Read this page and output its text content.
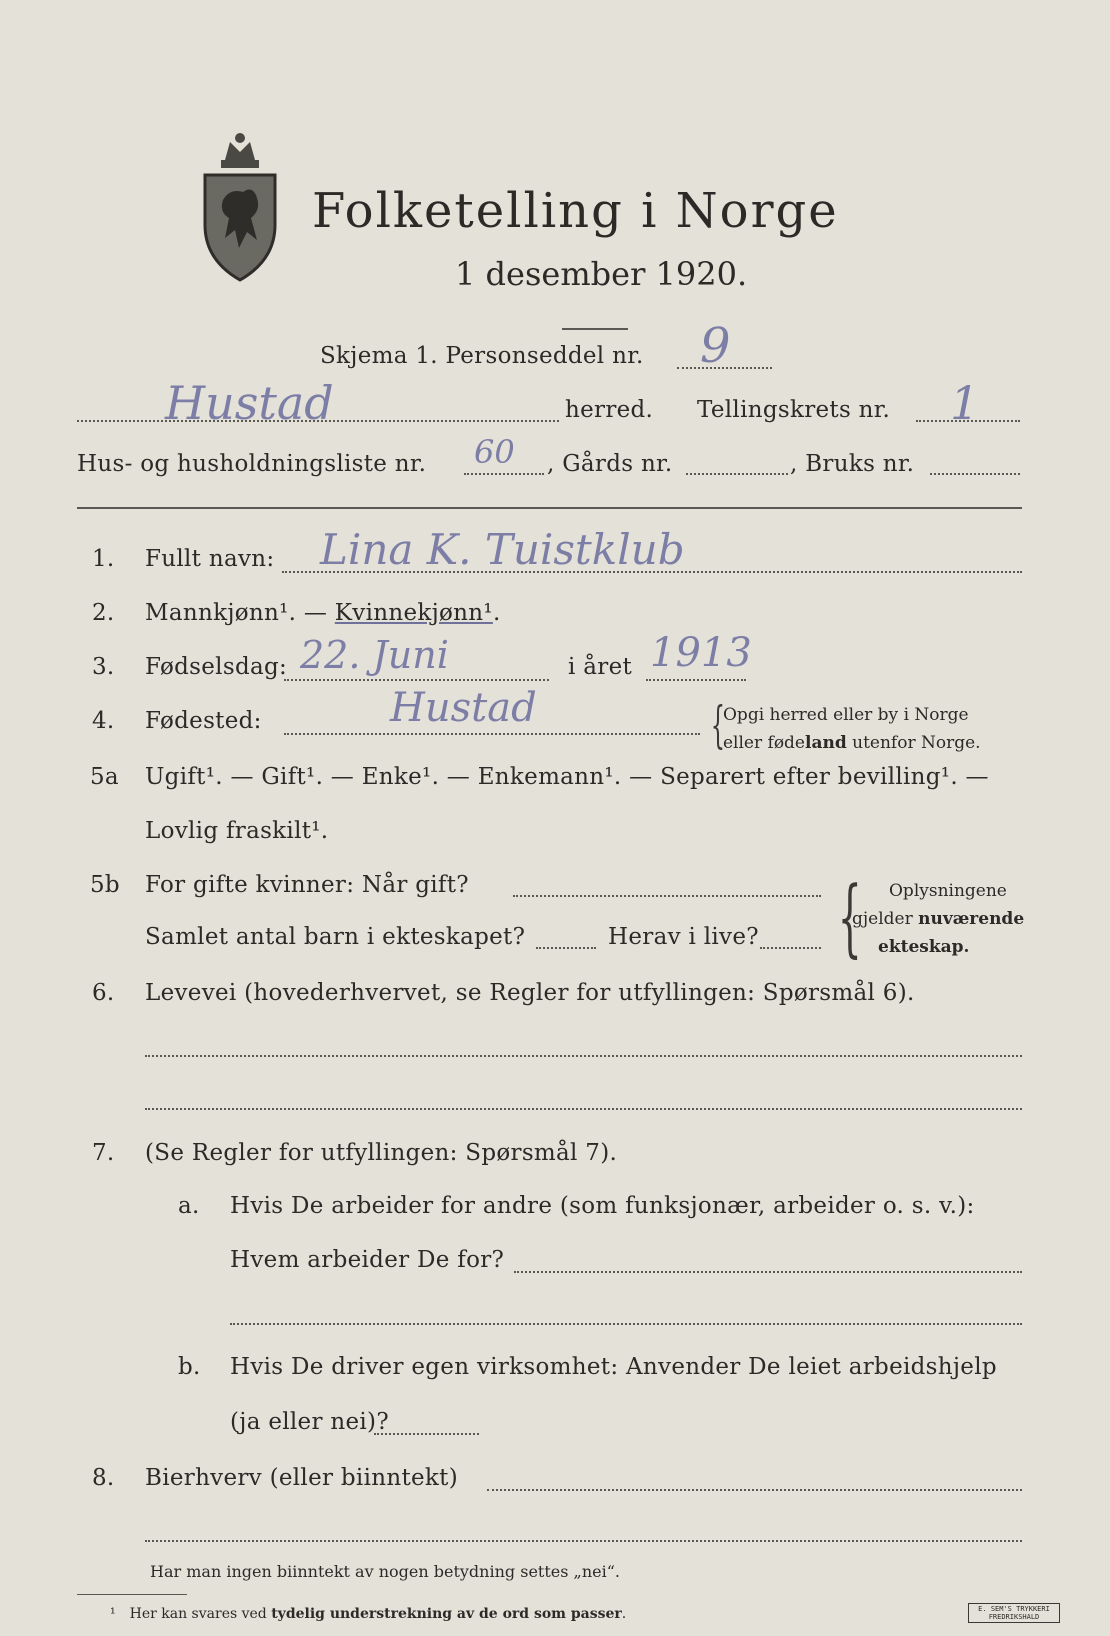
Folketelling i Norge
1 desember 1920.
Skjema 1. Personseddel nr. 9
Hustad	herred. Tellingskrets nr. 1
Hus- og husholdningsliste nr. 60 , Gårds nr.	, Bruks nr.
1. Fullt navn: Lina K. Tuistklub
2. Mannkjønn¹. — Kvinnekjønn¹.
3. Fødselsdag: 22. Juni	i året 1913
4. Fødested:	Hustad	{
Opgi herred eller by i Norge
eller fødeland utenfor Norge.
5a Ugift¹. — Gift¹. — Enke¹. — Enkemann¹. — Separert efter bevilling¹. —
Lovlig fraskilt¹.
5b For gifte kvinner: Når gift?
Samlet antal barn i ekteskapet?	Herav i live? { Oplysningene
gjelder nuværende
ekteskap.
6. Levevei (hovederhvervet, se Regler for utfyllingen: Spørsmål 6).
7. (Se Regler for utfyllingen: Spørsmål 7).
a. Hvis De arbeider for andre (som funksjonær, arbeider o. s. v.):
Hvem arbeider De for?
b. Hvis De driver egen virksomhet: Anvender De leiet arbeidshjelp
(ja eller nei)?
8. Bierhverv (eller biinntekt)
Har man ingen biinntekt av nogen betydning settes „nei“.
¹ Her kan svares ved tydelig understrekning av de ord som passer.	E. SEM'S TRYKKERI FREDRIKSHALD
